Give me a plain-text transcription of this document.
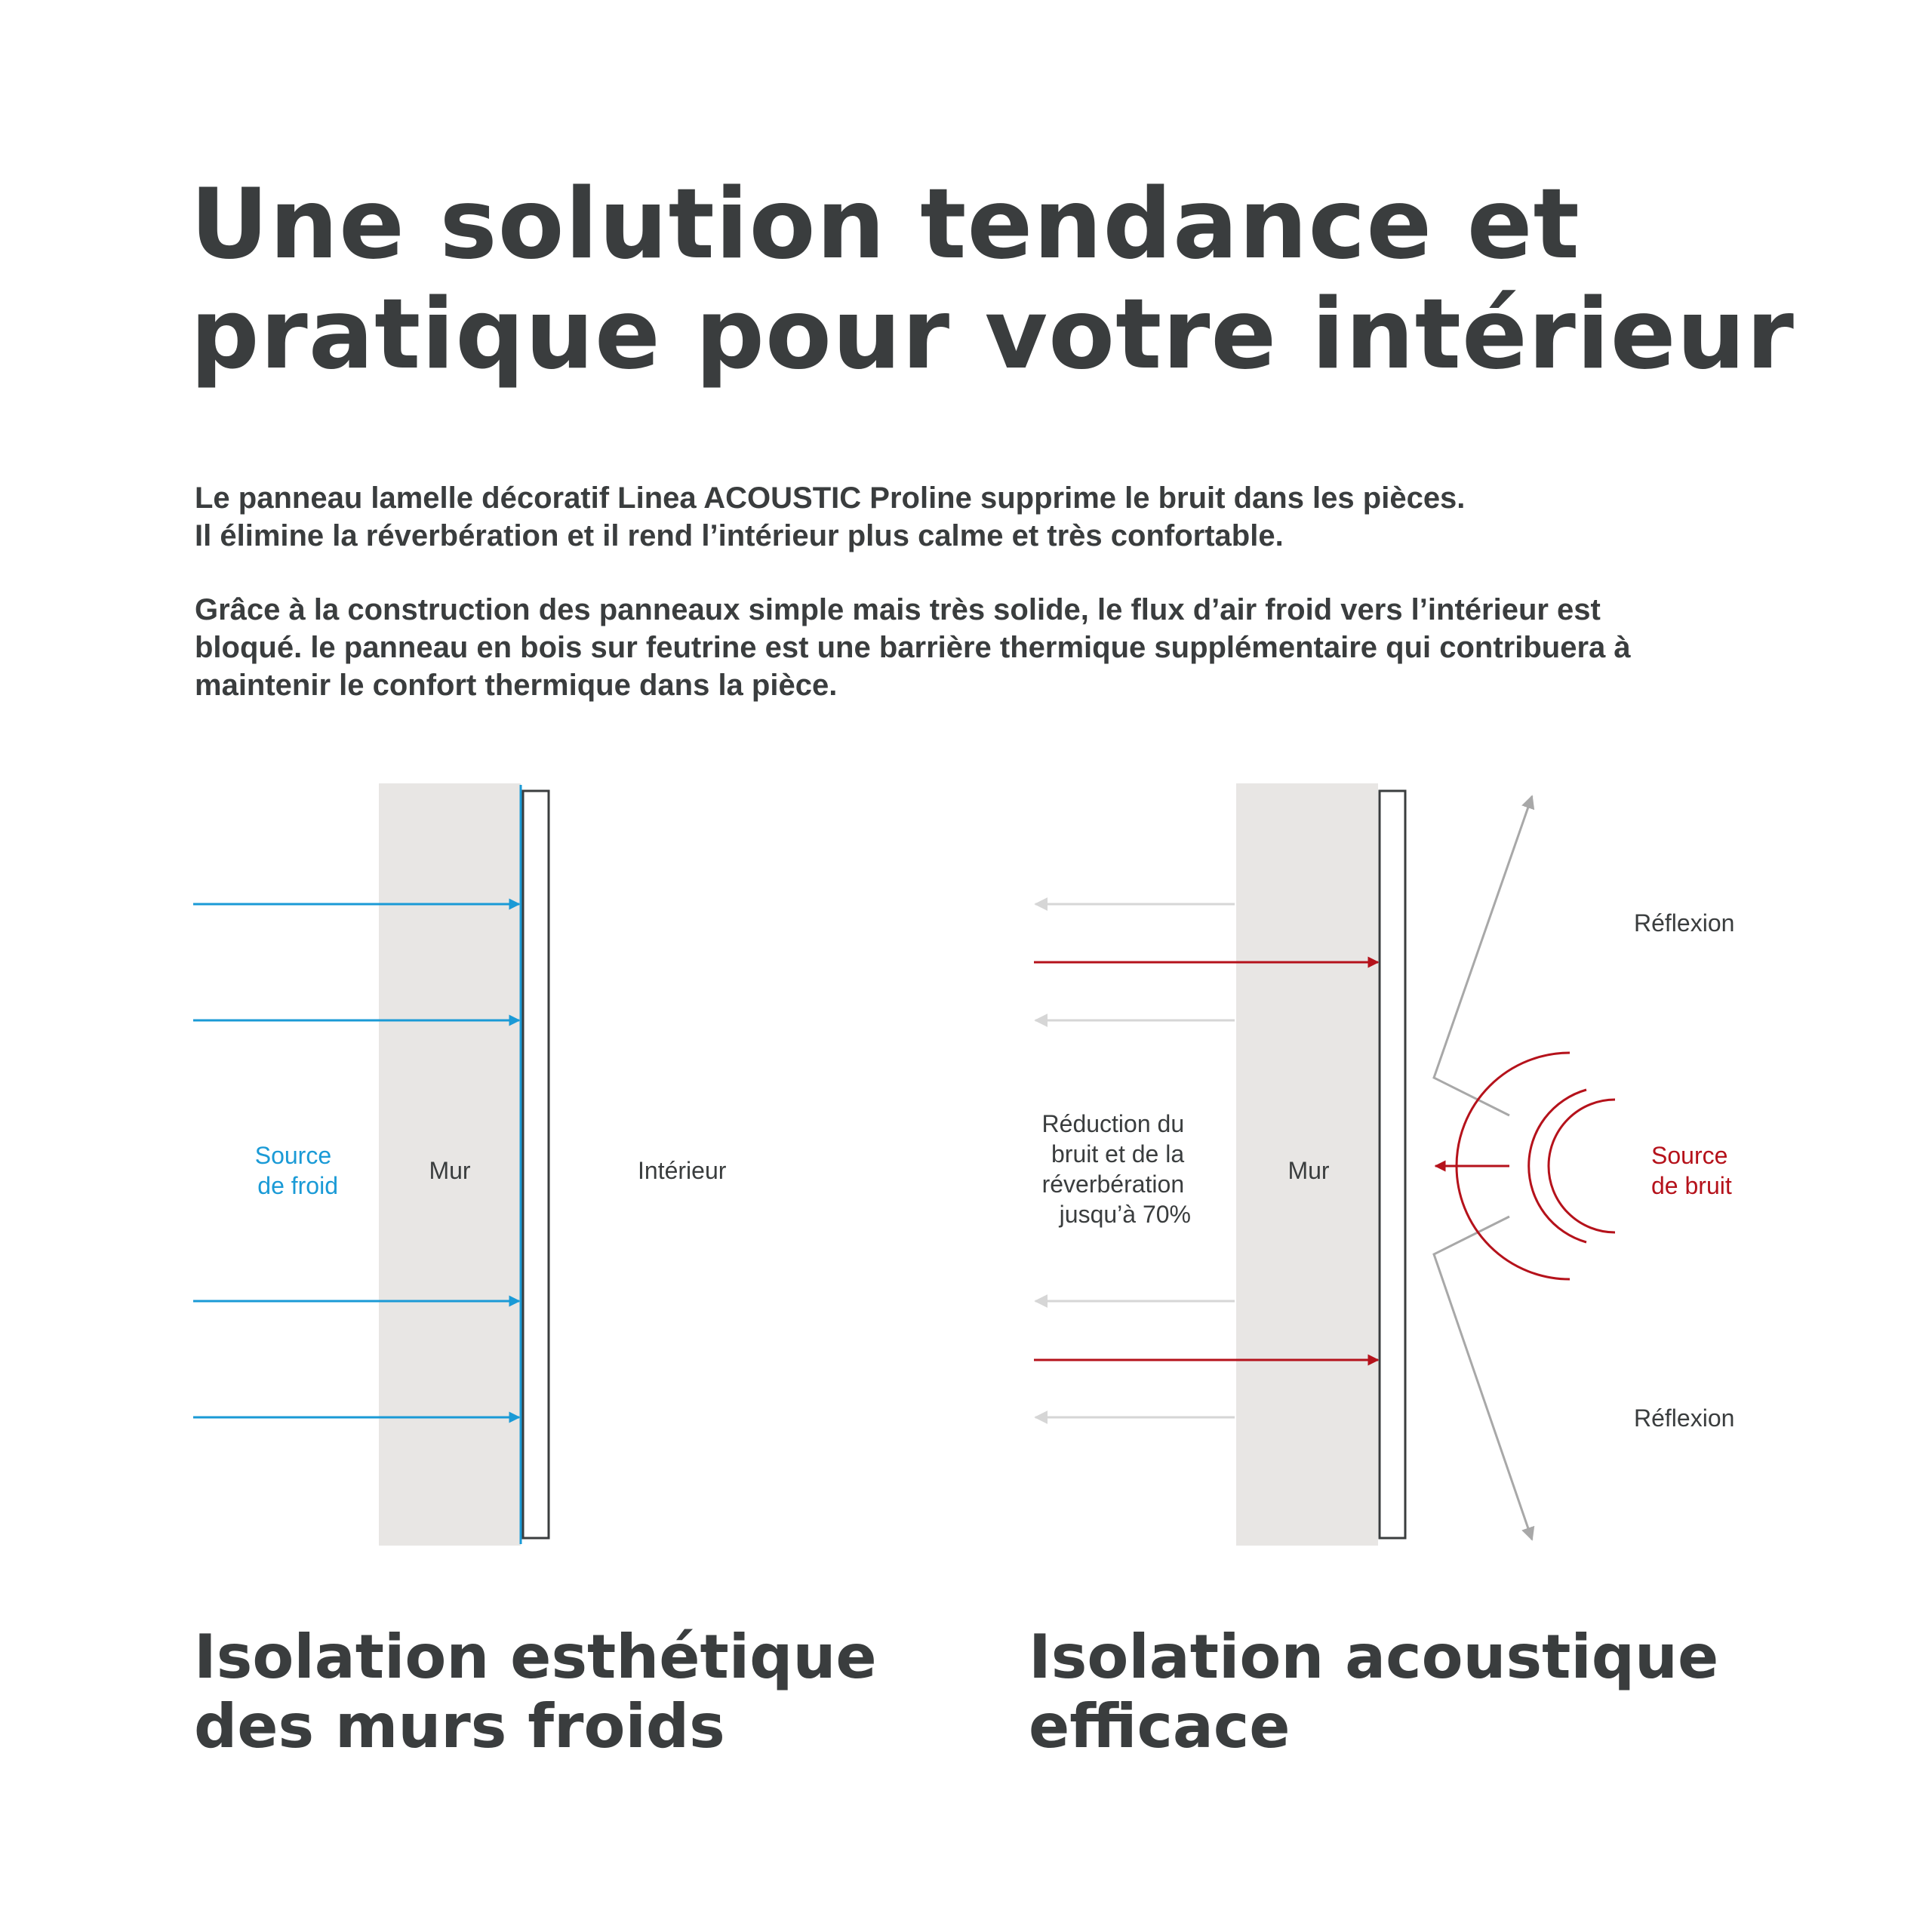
Une solution tendance et
pratique pour votre intérieur

Le panneau lamelle décoratif Linea ACOUSTIC Proline supprime le bruit dans les pièces.
Il élimine la réverbération et il rend l’intérieur plus calme et très confortable.

Grâce à la construction des panneaux simple mais très solide, le flux d’air froid vers l’intérieur est
bloqué. le panneau en bois sur feutrine est une barrière thermique supplémentaire qui contribuera à
maintenir le confort thermique dans la pièce.

Source de froid
Mur	Intérieur
Réduction du bruit et de la réverbération jusqu’à 70%
Mur
Réflexion
Réflexion
Source de bruit
Isolation esthétique
des murs froids
Isolation acoustique
efficace
